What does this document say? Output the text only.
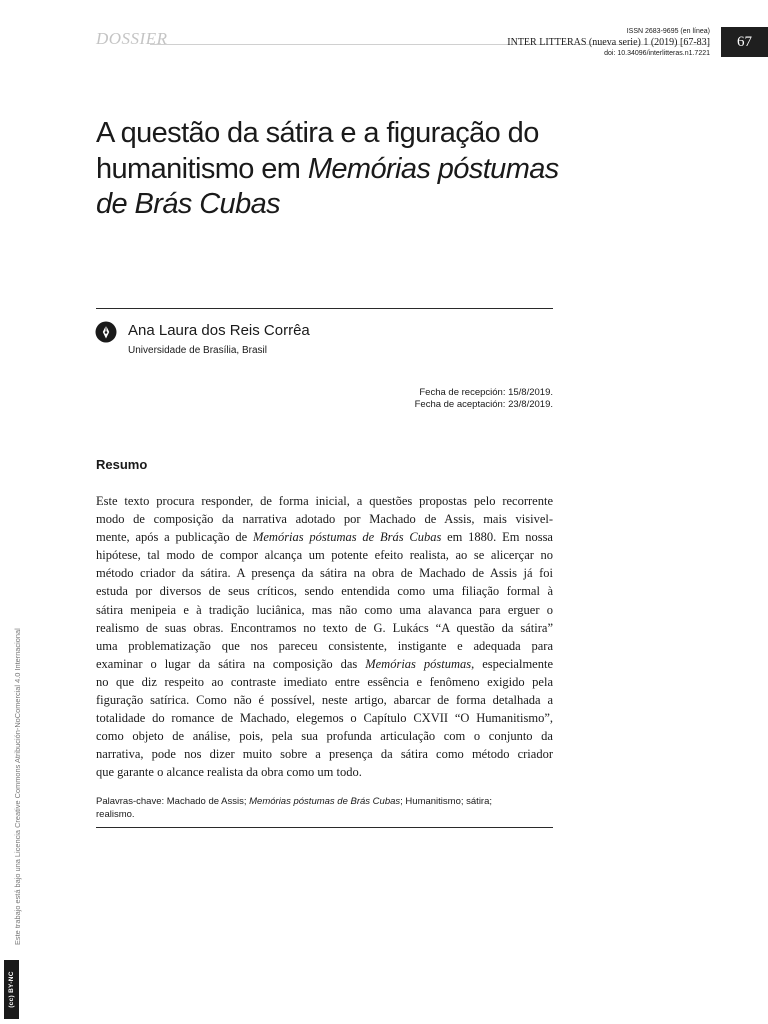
DOSSIER	ISSN 2683-9695 (en línea)
INTER LITTERAS (nueva serie) 1 (2019) [67-83]
doi: 10.34096/interlitteras.n1.7221
67
A questão da sátira e a figuração do
humanitismo em Memórias póstumas
de Brás Cubas
Ana Laura dos Reis Corrêa
Universidade de Brasília, Brasil
Fecha de recepción: 15/8/2019.
Fecha de aceptación: 23/8/2019.
Resumo
Este texto procura responder, de forma inicial, a questões propostas pelo recorrente
modo de composição da narrativa adotado por Machado de Assis, mais visivel-
mente, após a publicação de Memórias póstumas de Brás Cubas em 1880. Em nossa
hipótese, tal modo de compor alcança um potente efeito realista, ao se alicerçar no
método criador da sátira. A presença da sátira na obra de Machado de Assis já foi
estuda por diversos de seus críticos, sendo entendida como uma filiação formal à
sátira menipeia e à tradição luciânica, mas não como uma alavanca para erguer o
realismo de suas obras. Encontramos no texto de G. Lukács “A questão da sátira”
uma problematização que nos pareceu consistente, instigante e adequada para
examinar o lugar da sátira na composição das Memórias póstumas, especialmente
no que diz respeito ao contraste imediato entre essência e fenômeno exigido pela
figuração satírica. Como não é possível, neste artigo, abarcar de forma detalhada a
totalidade do romance de Machado, elegemos o Capítulo CXVII “O Humanitismo”,
como objeto de análise, pois, pela sua profunda articulação com o conjunto da
narrativa, pode nos dizer muito sobre a presença da sátira como método criador
que garante o alcance realista da obra como um todo.
Palavras-chave: Machado de Assis; Memórias póstumas de Brás Cubas; Humanitismo; sátira;
realismo.
Este trabajo está bajo una Licencia Creative Commons Atribución-NoComercial 4.0 Internacional
(cc) BY-NC
